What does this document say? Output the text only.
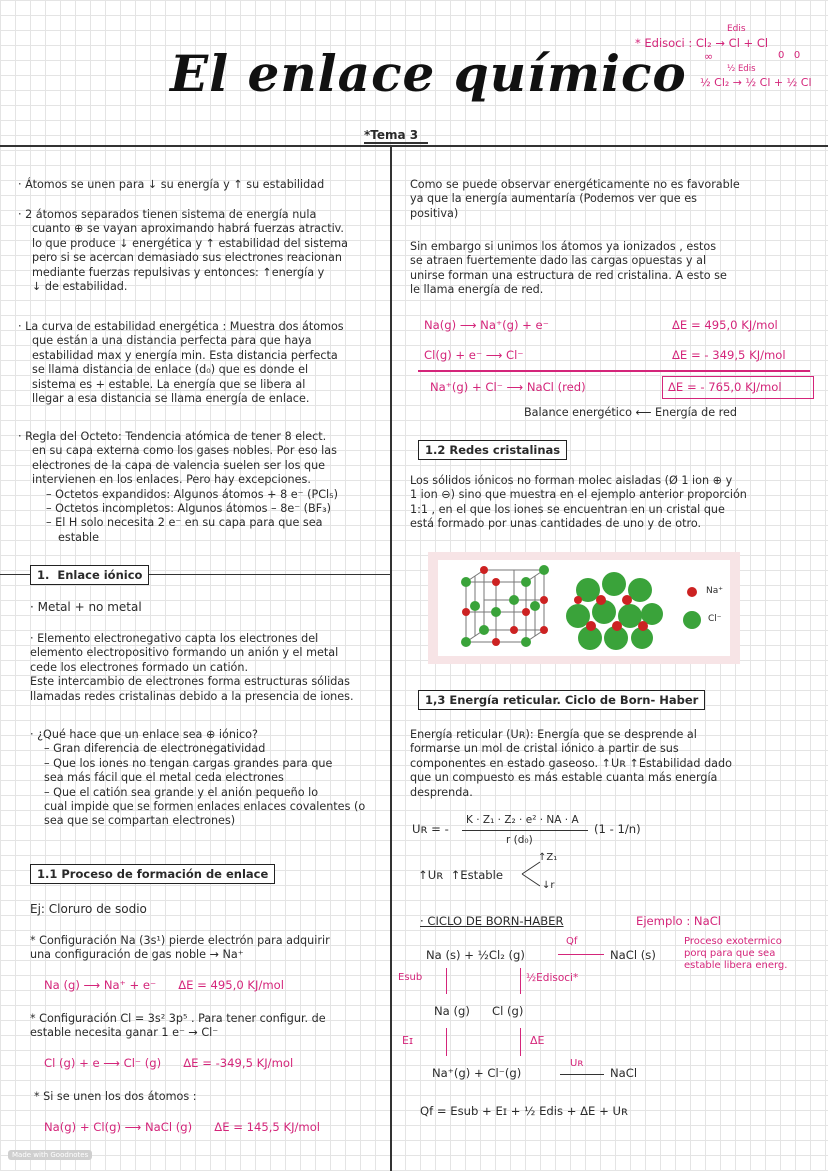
El enlace químico
*Tema 3
Edis
* Edisoci : Cl₂ → Cl + Cl
∞	0   0
½ Edis
½ Cl₂ → ½ Cl + ½ Cl
· Átomos se unen para ↓ su energía y ↑ su estabilidad
· 2 átomos separados tienen sistema de energía nula
cuanto ⊕ se vayan aproximando habrá fuerzas atractiv.
lo que produce ↓ energética y ↑ estabilidad del sistema
pero si se acercan demasiado sus electrones reacionan
mediante fuerzas repulsivas y entonces: ↑energía y
↓ de estabilidad.
· La curva de estabilidad energética : Muestra dos átomos
que están a una distancia perfecta para que haya
estabilidad max y energía min. Esta distancia perfecta
se llama distancia de enlace (d₀) que es donde el
sistema es + estable. La energía que se libera al
llegar a esa distancia se llama energía de enlace.
· Regla del Octeto: Tendencia atómica de tener 8 elect.
en su capa externa como los gases nobles. Por eso las
electrones de la capa de valencia suelen ser los que
intervienen en los enlaces. Pero hay excepciones.
– Octetos expandidos: Algunos átomos + 8 e⁻ (PCl₅)
– Octetos incompletos: Algunos átomos – 8e⁻ (BF₃)
– El H solo necesita 2 e⁻ en su capa para que sea
estable
1.  Enlace iónico
· Metal + no metal
· Elemento electronegativo capta los electrones del
elemento electropositivo formando un anión y el metal
cede los electrones formado un catión.
Este intercambio de electrones forma estructuras sólidas
llamadas redes cristalinas debido a la presencia de iones.
· ¿Qué hace que un enlace sea ⊕ iónico?
– Gran diferencia de electronegatividad
– Que los iones no tengan cargas grandes para que
sea más fácil que el metal ceda electrones
– Que el catión sea grande y el anión pequeño lo
cual impide que se formen enlaces enlaces covalentes (o
sea que se compartan electrones)
1.1 Proceso de formación de enlace
Ej: Cloruro de sodio
* Configuración Na (3s¹) pierde electrón para adquirir
una configuración de gas noble → Na⁺
Na (g) ⟶ Na⁺ + e⁻      ΔE = 495,0 KJ/mol
* Configuración Cl = 3s² 3p⁵ . Para tener configur. de
estable necesita ganar 1 e⁻ → Cl⁻
Cl (g) + e ⟶ Cl⁻ (g)      ΔE = -349,5 KJ/mol
* Si se unen los dos átomos :
Na(g) + Cl(g) ⟶ NaCl (g)      ΔE = 145,5 KJ/mol
Made with Goodnotes
Como se puede observar energéticamente no es favorable
ya que la energía aumentaría (Podemos ver que es
positiva)
Sin embargo si unimos los átomos ya ionizados , estos
se atraen fuertemente dado las cargas opuestas y al
unirse forman una estructura de red cristalina. A esto se
le llama energía de red.
Na(g) ⟶ Na⁺(g) + e⁻	ΔE = 495,0 KJ/mol
Cl(g) + e⁻ ⟶ Cl⁻	ΔE = - 349,5 KJ/mol
Na⁺(g) + Cl⁻ ⟶ NaCl (red)	ΔE = - 765,0 KJ/mol
Balance energético ⟵ Energía de red
1.2 Redes cristalinas
Los sólidos iónicos no forman molec aisladas (Ø 1 ion ⊕ y
1 ion ⊖) sino que muestra en el ejemplo anterior proporción
1:1 , en el que los iones se encuentran en un cristal que
está formado por unas cantidades de uno y de otro.
Na⁺
Cl⁻
1,3 Energía reticular. Ciclo de Born- Haber
Energía reticular (Uʀ): Energía que se desprende al
formarse un mol de cristal iónico a partir de sus
componentes en estado gaseoso. ↑Uʀ ↑Estabilidad dado
que un compuesto es más estable cuanta más energía
desprenda.
Uʀ = -
K · Z₁ · Z₂ · e² · NA · A
r (d₀)
(1 - 1/n)
↑Z₁
↑Uʀ  ↑Estable
↓r
· CICLO DE BORN-HABER	Ejemplo : NaCl
Proceso exotermico
porq para que sea
estable libera energ.
Na (s) + ½Cl₂ (g)
Qf
NaCl (s)
Esub	½Edisoci*
Na (g)      Cl (g)
Eɪ	ΔE
Na⁺(g) + Cl⁻(g)
Uʀ
NaCl
Qf = Esub + Eɪ + ½ Edis + ΔE + Uʀ
